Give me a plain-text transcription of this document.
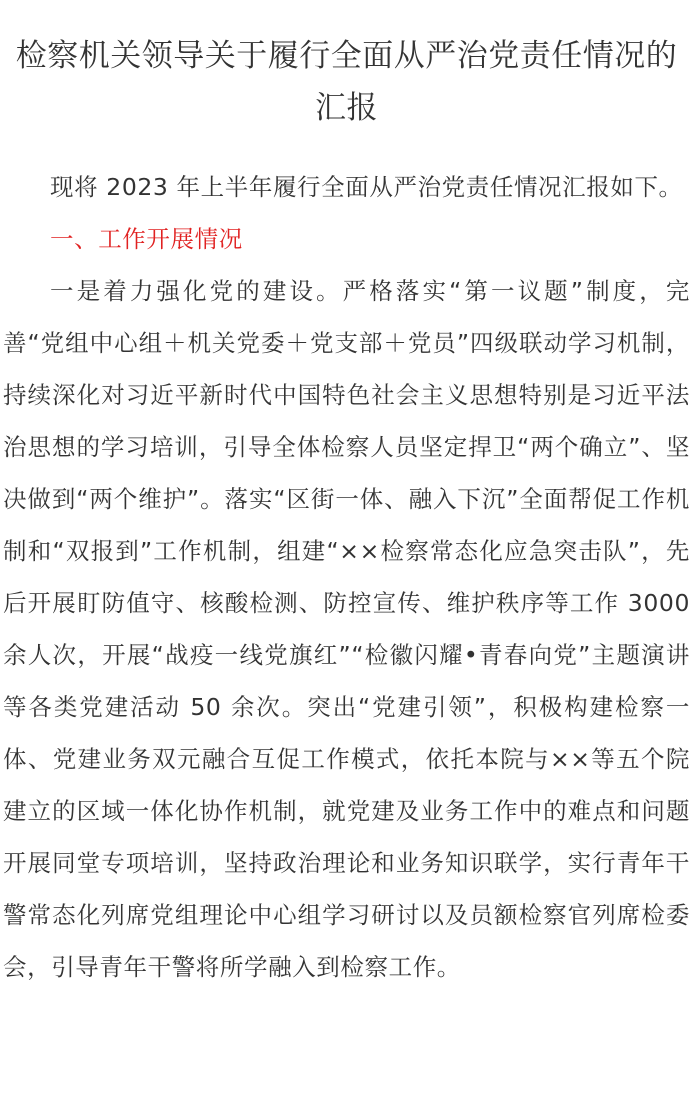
检察机关领导关于履行全面从严治党责任情况的汇报

现将 2023 年上半年履行全面从严治党责任情况汇报如下。

一、工作开展情况

一是着力强化党的建设。严格落实“第一议题”制度，完善“党组中心组＋机关党委＋党支部＋党员”四级联动学习机制，持续深化对习近平新时代中国特色社会主义思想特别是习近平法治思想的学习培训，引导全体检察人员坚定捍卫“两个确立”、坚决做到“两个维护”。落实“区街一体、融入下沉”全面帮促工作机制和“双报到”工作机制，组建“××检察常态化应急突击队”，先后开展盯防值守、核酸检测、防控宣传、维护秩序等工作 3000 余人次，开展“战疫一线党旗红”“检徽闪耀•青春向党”主题演讲等各类党建活动 50 余次。突出“党建引领”，积极构建检察一体、党建业务双元融合互促工作模式，依托本院与××等五个院建立的区域一体化协作机制，就党建及业务工作中的难点和问题开展同堂专项培训，坚持政治理论和业务知识联学，实行青年干警常态化列席党组理论中心组学习研讨以及员额检察官列席检委会，引导青年干警将所学融入到检察工作。
